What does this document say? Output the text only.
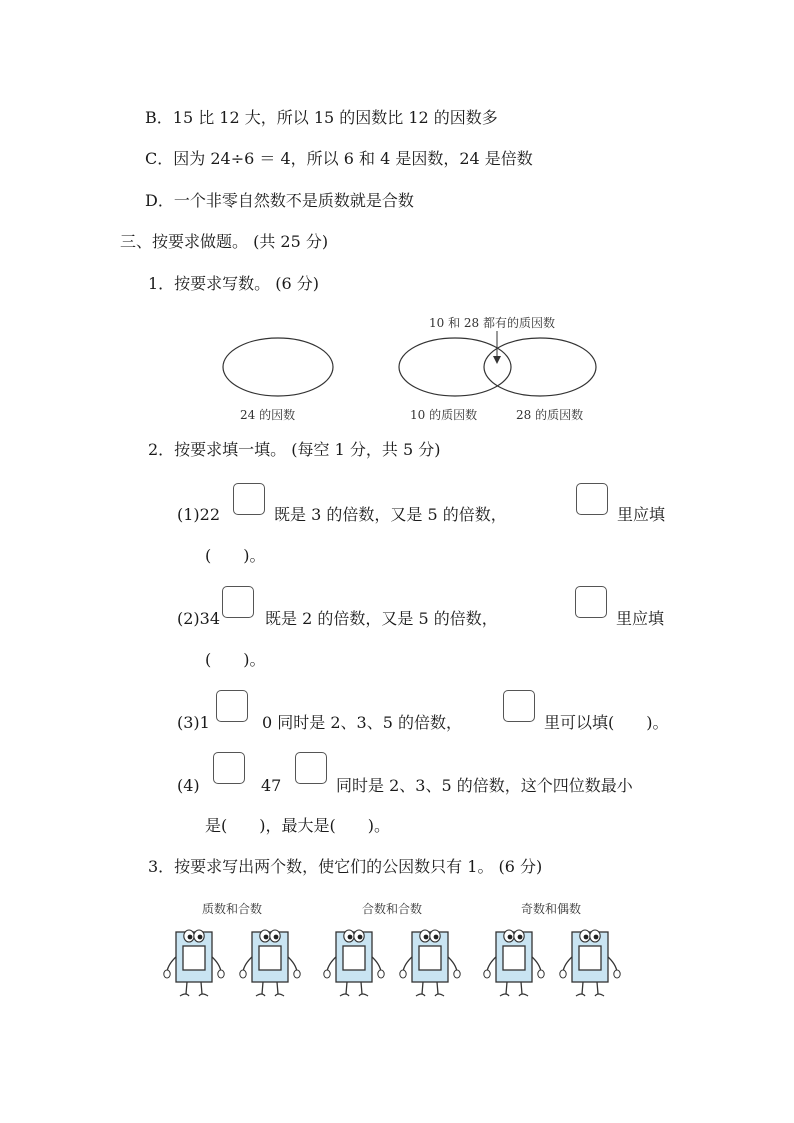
B．15 比 12 大，所以 15 的因数比 12 的因数多
C．因为 24÷6 ＝ 4，所以 6 和 4 是因数，24 是倍数
D．一个非零自然数不是质数就是合数
三、按要求做题。 (共 25 分)
1．按要求写数。 (6 分)
10 和 28 都有的质因数
24 的因数	10 的质因数	28 的质因数
2．按要求填一填。 (每空 1 分，共 5 分)
(1)22	既是 3 的倍数，又是 5 的倍数，	里应填
(　　)。
(2)34	既是 2 的倍数，又是 5 的倍数，	里应填
(　　)。
(3)1	0 同时是 2、3、5 的倍数，	里可以填(　　)。
(4)	47	同时是 2、3、5 的倍数，这个四位数最小
是(　　)，最大是(　　)。
3．按要求写出两个数，使它们的公因数只有 1。 (6 分)
质数和合数	合数和合数	奇数和偶数
